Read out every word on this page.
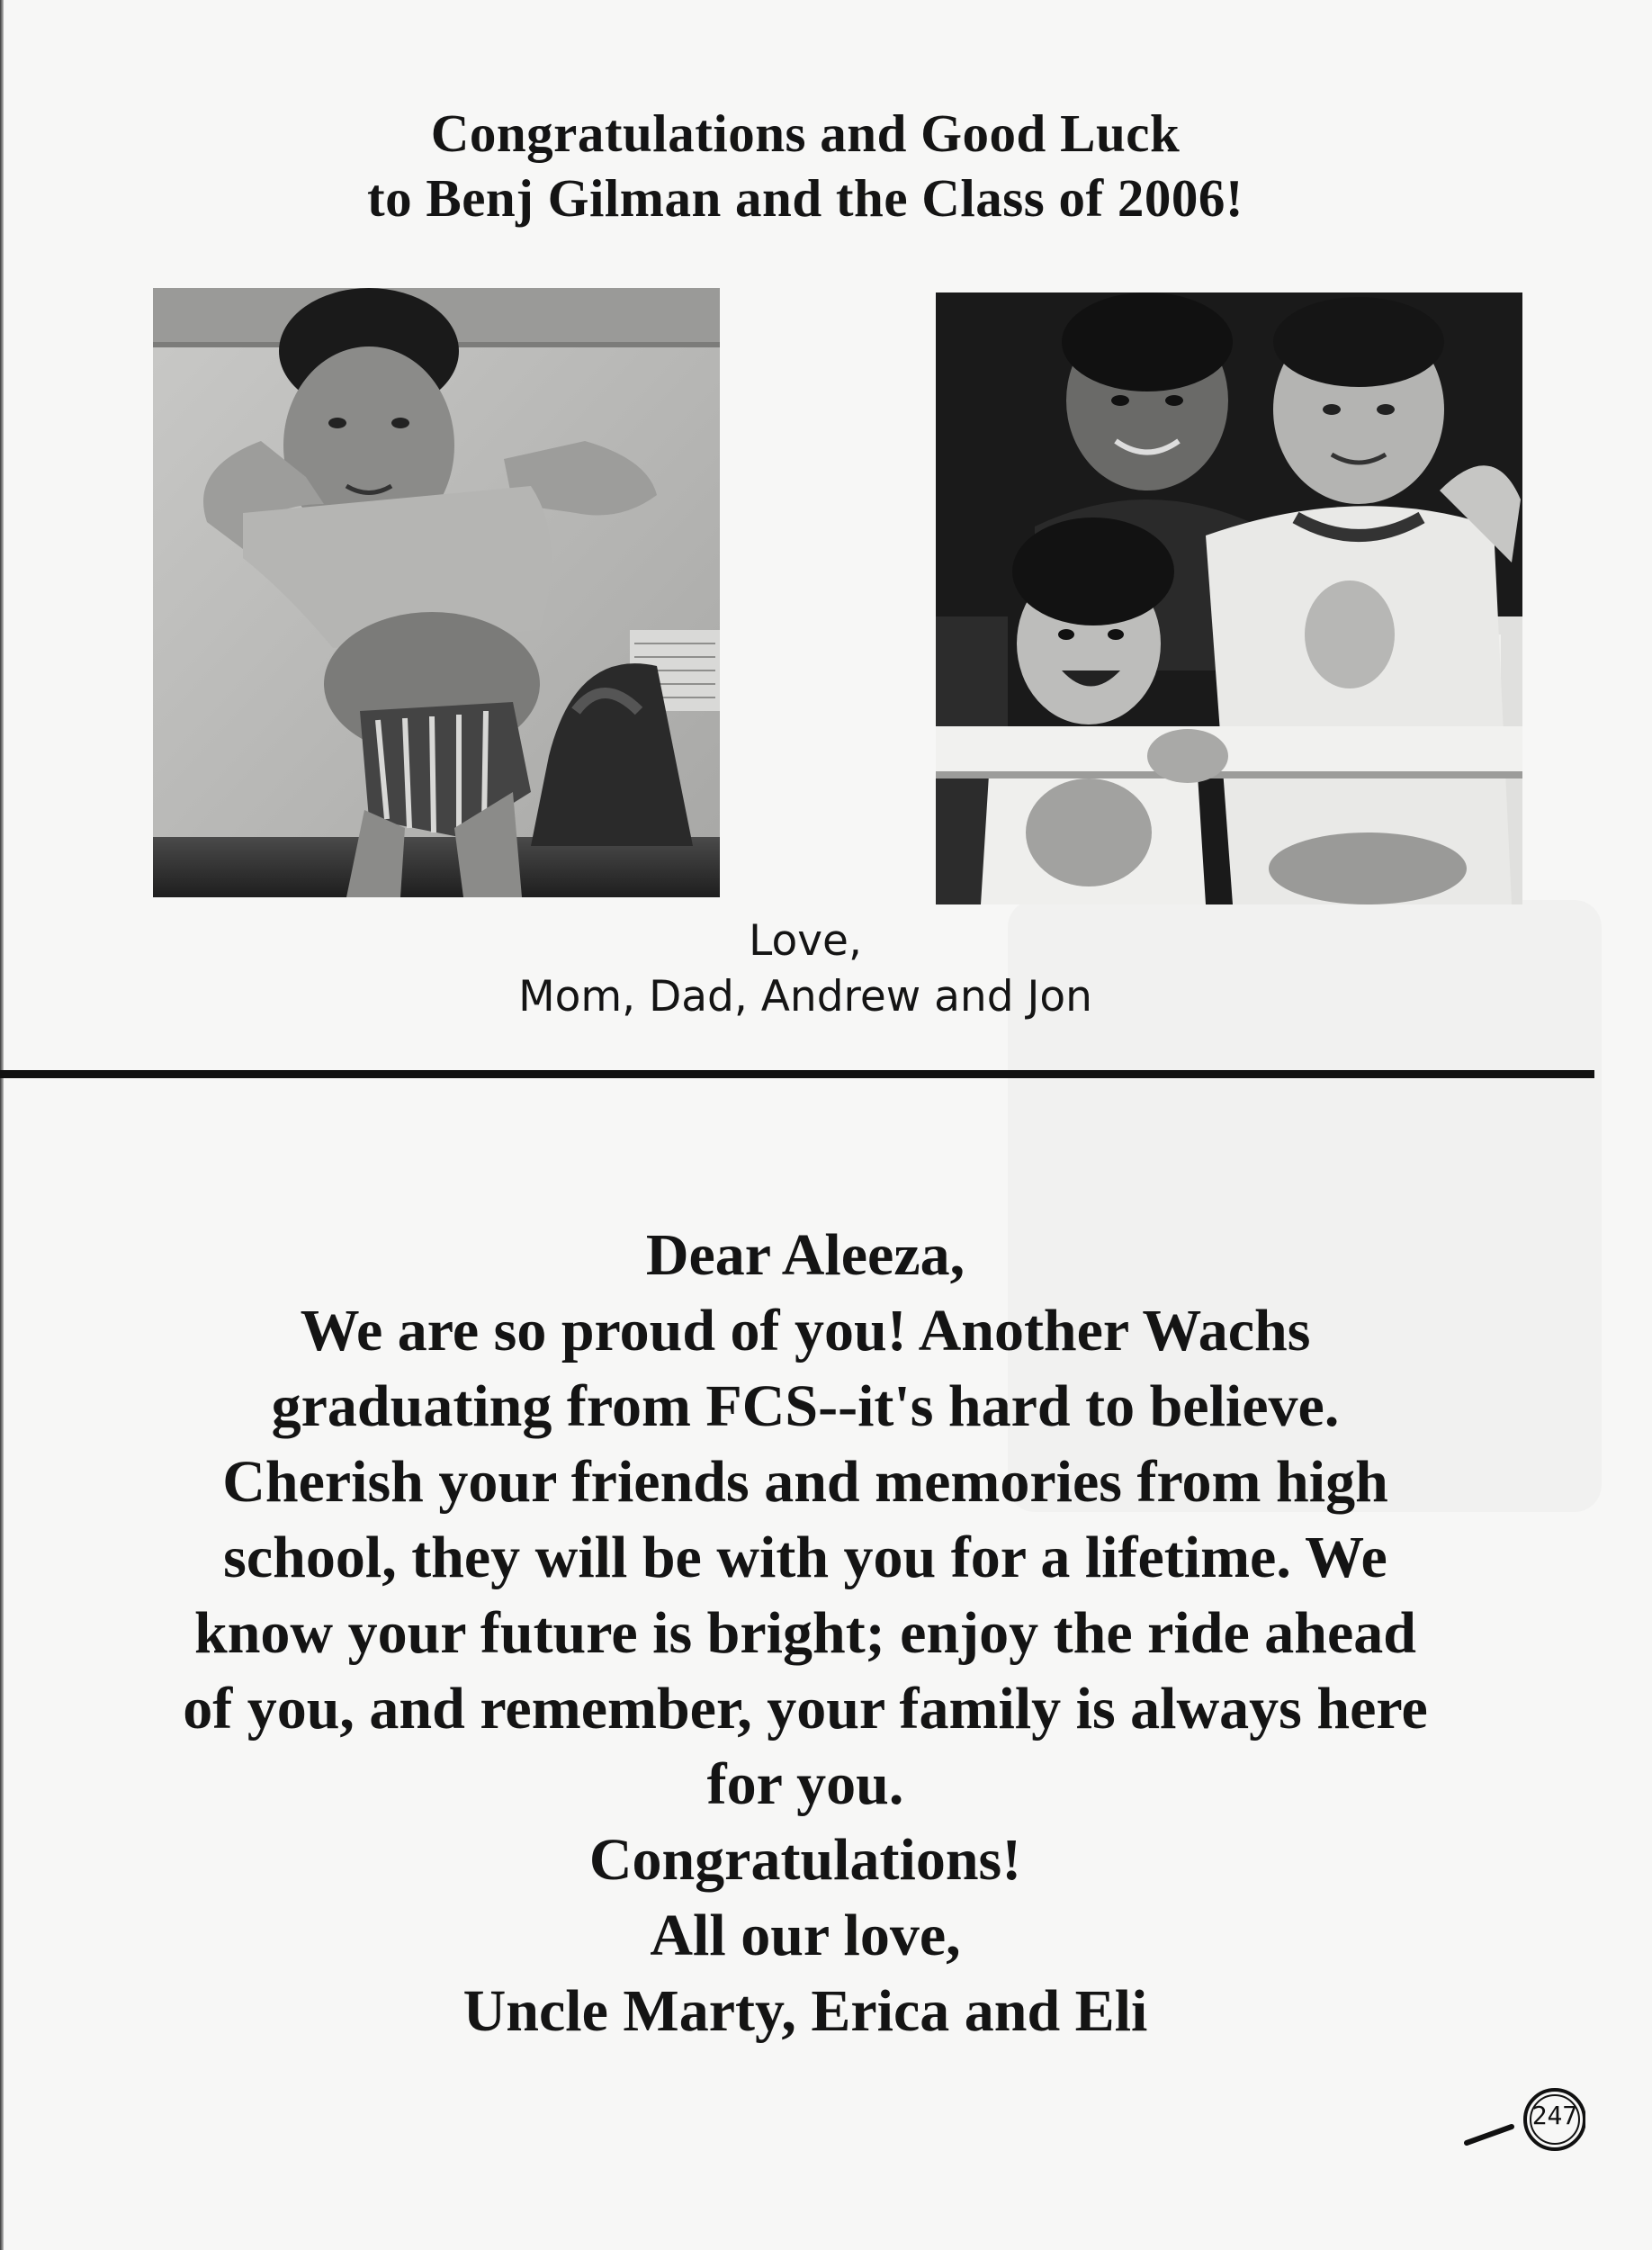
Congratulations and Good Luck
to Benj Gilman and the Class of 2006!
Love,
Mom, Dad, Andrew and Jon
Dear Aleeza,
We are so proud of you! Another Wachs
graduating from FCS--it's hard to believe.
Cherish your friends and memories from high
school, they will be with you for a lifetime. We
know your future is bright; enjoy the ride ahead
of you, and remember, your family is always here
for you.
Congratulations!
All our love,
Uncle Marty, Erica and Eli
247
